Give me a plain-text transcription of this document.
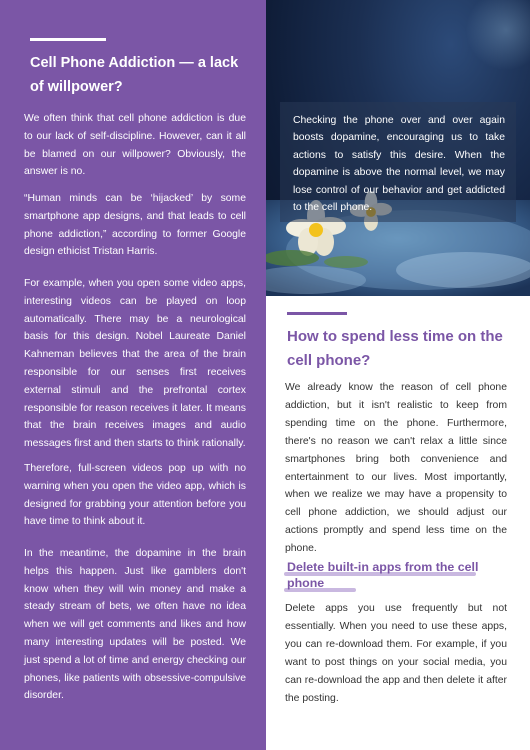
Cell Phone Addiction — a lack of willpower?

We often think that cell phone addiction is due to our lack of self-discipline. However, can it all be blamed on our willpower? Obviously, the answer is no.

“Human minds can be ‘hijacked’ by some smartphone app designs, and that leads to cell phone addiction,” according to former Google design ethicist Tristan Harris.

For example, when you open some video apps, interesting videos can be played on loop automatically. There may be a neurological basis for this design. Nobel Laureate Daniel Kahneman believes that the area of the brain responsible for our senses first receives external stimuli and the prefrontal cortex responsible for reason receives it later. It means that the brain receives images and audio messages first and then starts to think rationally.

Therefore, full-screen videos pop up with no warning when you open the video app, which is designed for grabbing your attention before you have time to think about it.

In the meantime, the dopamine in the brain helps this happen. Just like gamblers don't know when they will win money and make a steady stream of bets, we often have no idea when we will get comments and likes and how many interesting updates will be posted. We just spend a lot of time and energy checking our phones, like patients with obsessive-compulsive disorder.

Checking the phone over and over again boosts dopamine, encouraging us to take actions to satisfy this desire. When the dopamine is above the normal level, we may lose control of our behavior and get addicted to the cell phone.

How to spend less time on the cell phone?

We already know the reason of cell phone addiction, but it isn't realistic to keep from spending time on the phone. Furthermore, there's no reason we can't relax a little since smartphones bring both convenience and entertainment to our lives. Most importantly, when we realize we may have a propensity to cell phone addiction, we should adjust our actions promptly and spend less time on the phone.

Delete built-in apps from the cell phone

Delete apps you use frequently but not essentially. When you need to use these apps, you can re-download them. For example, if you want to post things on your social media, you can re-download the app and then delete it after the posting.
